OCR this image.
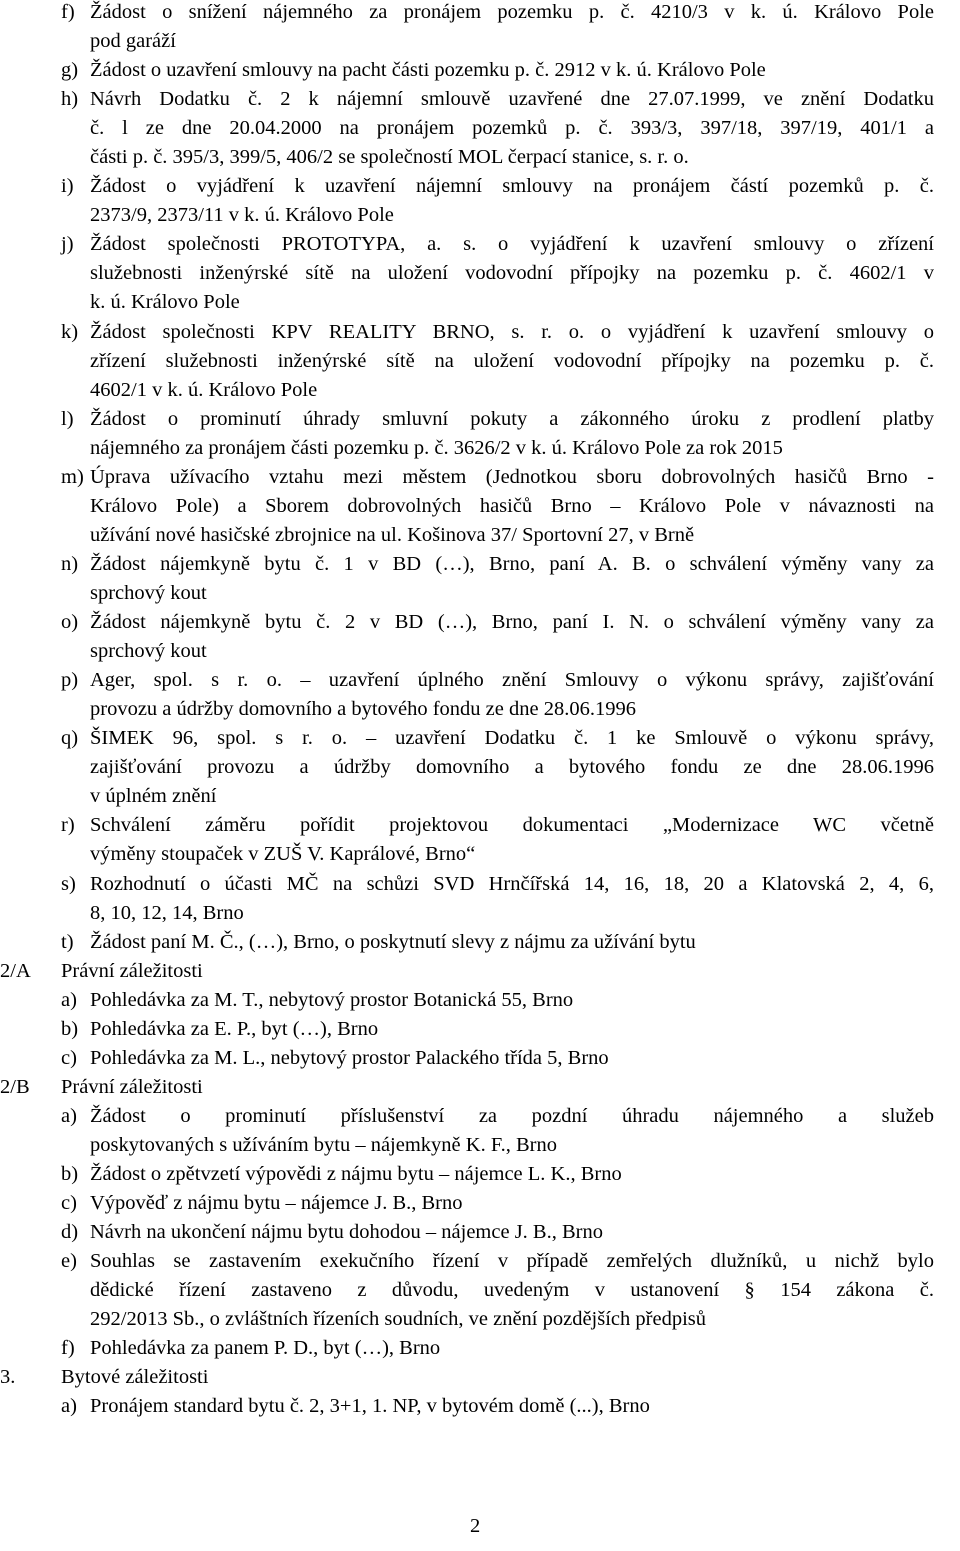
f) Žádost o snížení nájemného za pronájem pozemku p. č. 4210/3 v k. ú. Královo Pole
pod garáží
g) Žádost o uzavření smlouvy na pacht části pozemku p. č. 2912 v k. ú. Královo Pole
h) Návrh Dodatku č. 2 k nájemní smlouvě uzavřené dne 27.07.1999, ve znění Dodatku
č. l ze dne 20.04.2000 na pronájem pozemků p. č. 393/3, 397/18, 397/19, 401/1 a
části p. č. 395/3, 399/5, 406/2 se společností MOL čerpací stanice, s. r. o.
i) Žádost o vyjádření k uzavření nájemní smlouvy na pronájem částí pozemků p. č.
2373/9, 2373/11 v k. ú. Královo Pole
j) Žádost společnosti PROTOTYPA, a. s. o vyjádření k uzavření smlouvy o zřízení
služebnosti inženýrské sítě na uložení vodovodní přípojky na pozemku p. č. 4602/1 v
k. ú. Královo Pole
k) Žádost společnosti KPV REALITY BRNO, s. r. o. o vyjádření k uzavření smlouvy o
zřízení služebnosti inženýrské sítě na uložení vodovodní přípojky na pozemku p. č.
4602/1 v k. ú. Královo Pole
l) Žádost o prominutí úhrady smluvní pokuty a zákonného úroku z prodlení platby
nájemného za pronájem části pozemku p. č. 3626/2 v k. ú. Královo Pole za rok 2015
m) Úprava užívacího vztahu mezi městem (Jednotkou sboru dobrovolných hasičů Brno -
Královo Pole) a Sborem dobrovolných hasičů Brno – Královo Pole v návaznosti na
užívání nové hasičské zbrojnice na ul. Košinova 37/ Sportovní 27, v Brně
n) Žádost nájemkyně bytu č. 1 v BD (…), Brno, paní A. B. o schválení výměny vany za
sprchový kout
o) Žádost nájemkyně bytu č. 2 v BD (…), Brno, paní I. N. o schválení výměny vany za
sprchový kout
p) Ager, spol. s r. o. – uzavření úplného znění Smlouvy o výkonu správy, zajišťování
provozu a údržby domovního a bytového fondu ze dne 28.06.1996
q) ŠIMEK 96, spol. s r. o. – uzavření Dodatku č. 1 ke Smlouvě o výkonu správy,
zajišťování provozu a údržby domovního a bytového fondu ze dne 28.06.1996
v úplném znění
r) Schválení záměru pořídit projektovou dokumentaci „Modernizace WC včetně
výměny stoupaček v ZUŠ V. Kaprálové, Brno“
s) Rozhodnutí o účasti MČ na schůzi SVD Hrnčířská 14, 16, 18, 20 a Klatovská 2, 4, 6,
8, 10, 12, 14, Brno
t) Žádost paní M. Č., (…), Brno, o poskytnutí slevy z nájmu za užívání bytu
2/A Právní záležitosti
a) Pohledávka za M. T., nebytový prostor Botanická 55, Brno
b) Pohledávka za E. P., byt (…), Brno
c) Pohledávka za M. L., nebytový prostor Palackého třída 5, Brno
2/B Právní záležitosti
a) Žádost o prominutí příslušenství za pozdní úhradu nájemného a služeb
poskytovaných s užíváním bytu – nájemkyně K. F., Brno
b) Žádost o zpětvzetí výpovědi z nájmu bytu – nájemce L. K., Brno
c) Výpověď z nájmu bytu – nájemce J. B., Brno
d) Návrh na ukončení nájmu bytu dohodou – nájemce J. B., Brno
e) Souhlas se zastavením exekučního řízení v případě zemřelých dlužníků, u nichž bylo
dědické řízení zastaveno z důvodu, uvedeným v ustanovení § 154 zákona č.
292/2013 Sb., o zvláštních řízeních soudních, ve znění pozdějších předpisů
f) Pohledávka za panem P. D., byt (…), Brno
3. Bytové záležitosti
a) Pronájem standard bytu č. 2, 3+1, 1. NP, v bytovém domě (...), Brno
2
